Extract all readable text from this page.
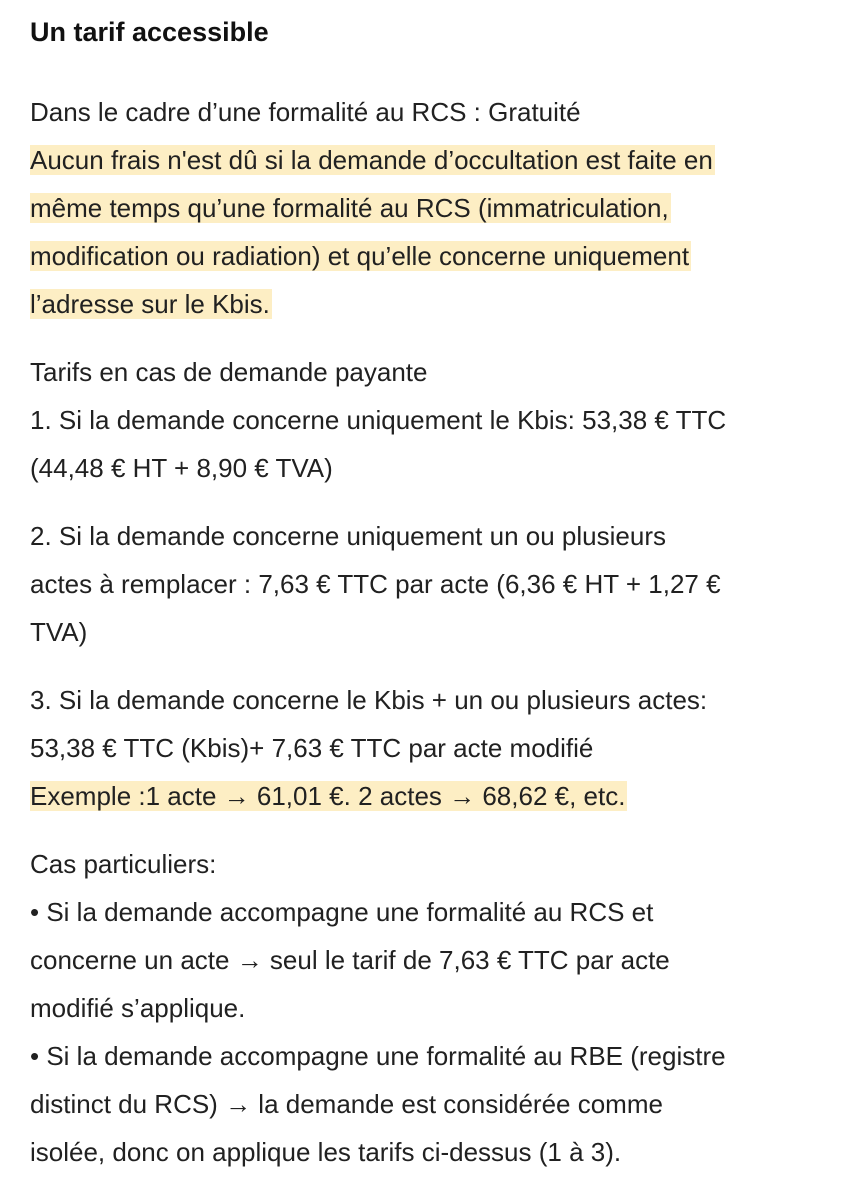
Un tarif accessible
Dans le cadre d’une formalité au RCS : Gratuité
Aucun frais n'est dû si la demande d’occultation est faite en
même temps qu’une formalité au RCS (immatriculation,
modification ou radiation) et qu’elle concerne uniquement
l’adresse sur le Kbis.
Tarifs en cas de demande payante
1. Si la demande concerne uniquement le Kbis: 53,38 € TTC
(44,48 € HT + 8,90 € TVA)
2. Si la demande concerne uniquement un ou plusieurs
actes à remplacer : 7,63 € TTC par acte (6,36 € HT + 1,27 €
TVA)
3. Si la demande concerne le Kbis + un ou plusieurs actes:
53,38 € TTC (Kbis)+ 7,63 € TTC par acte modifié
Exemple :1 acte → 61,01 €. 2 actes → 68,62 €, etc.
Cas particuliers:
• Si la demande accompagne une formalité au RCS et
concerne un acte → seul le tarif de 7,63 € TTC par acte
modifié s’applique.
• Si la demande accompagne une formalité au RBE (registre
distinct du RCS) → la demande est considérée comme
isolée, donc on applique les tarifs ci-dessus (1 à 3).
